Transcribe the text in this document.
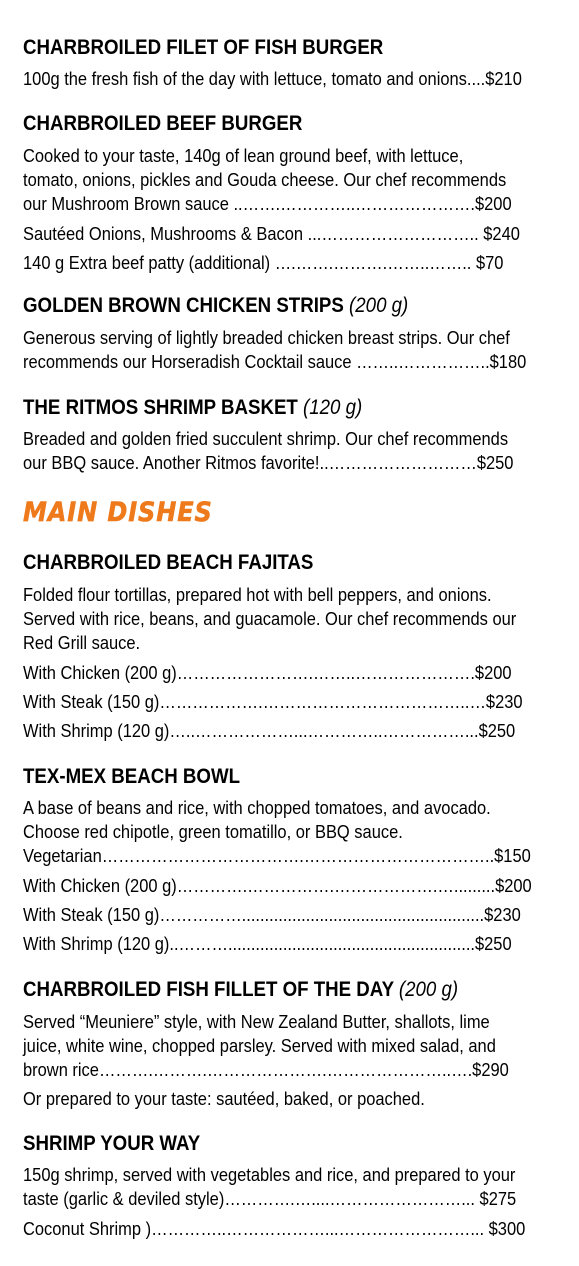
CHARBROILED FILET OF FISH BURGER
100g the fresh fish of the day with lettuce, tomato and onions....$210
CHARBROILED BEEF BURGER
Cooked to your taste, 140g of lean ground beef, with lettuce,
tomato, onions, pickles and Gouda cheese. Our chef recommends
our Mushroom Brown sauce ..…….…………..………………….$200
Sautéed Onions, Mushrooms & Bacon ...……………………….. $240
140 g Extra beef patty (additional) ….…….……….……..…….. $70
GOLDEN BROWN CHICKEN STRIPS (200 g)
Generous serving of lightly breaded chicken breast strips. Our chef
recommends our Horseradish Cocktail sauce ……..……………..$180
THE RITMOS SHRIMP BASKET (120 g)
Breaded and golden fried succulent shrimp. Our chef recommends
our BBQ sauce. Another Ritmos favorite!..………………………$250
MAIN DISHES
CHARBROILED BEACH FAJITAS
Folded flour tortillas, prepared hot with bell peppers, and onions.
Served with rice, beans, and guacamole. Our chef recommends our
Red Grill sauce.
With Chicken (200 g)…………………….……..………………….$200
With Steak (150 g)……………….………………………………..…$230
With Shrimp (120 g)…..………………...…………..……………...$250
TEX-MEX BEACH BOWL
A base of beans and rice, with chopped tomatoes, and avocado.
Choose red chipotle, green tomatillo, or BBQ sauce.
Vegetarian……………………………….……………………………..$150
With Chicken (200 g)………….…………….……………….….........$200
With Steak (150 g)…………….....................................................$230
With Shrimp (120 g)..………......................................................$250
CHARBROILED FISH FILLET OF THE DAY (200 g)
Served “Meuniere” style, with New Zealand Butter, shallots, lime
juice, white wine, chopped parsley. Served with mixed salad, and
brown rice……….……….………………….…………………..….$290
Or prepared to your taste: sautéed, baked, or poached.
SHRIMP YOUR WAY
150g shrimp, served with vegetables and rice, and prepared to your
taste (garlic & deviled style)………….…....……………………... $275
Coconut Shrimp )…………..………………...……………………... $300
